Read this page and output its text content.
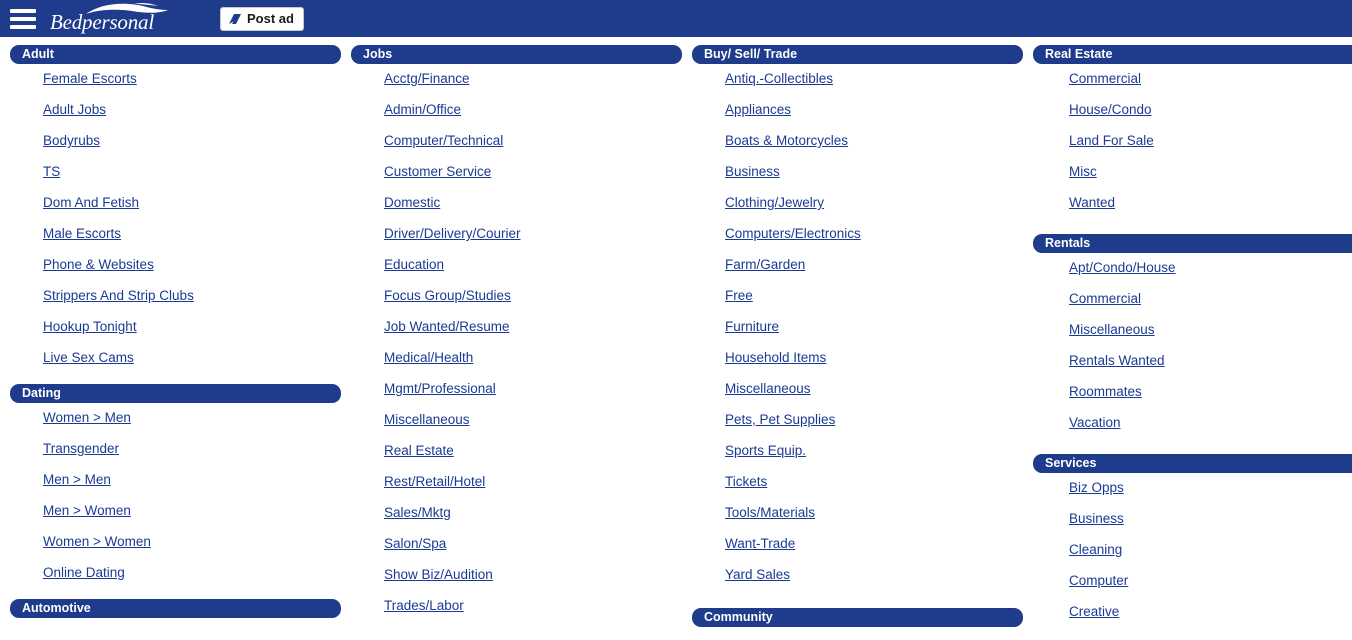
Bedpersonal	Post ad
Adult
Female Escorts
Adult Jobs
Bodyrubs
TS
Dom And Fetish
Male Escorts
Phone & Websites
Strippers And Strip Clubs
Hookup Tonight
Live Sex Cams
Dating
Women > Men
Transgender
Men > Men
Men > Women
Women > Women
Online Dating
Automotive
Jobs
Acctg/Finance
Admin/Office
Computer/Technical
Customer Service
Domestic
Driver/Delivery/Courier
Education
Focus Group/Studies
Job Wanted/Resume
Medical/Health
Mgmt/Professional
Miscellaneous
Real Estate
Rest/Retail/Hotel
Sales/Mktg
Salon/Spa
Show Biz/Audition
Trades/Labor
Buy/ Sell/ Trade
Antiq.-Collectibles
Appliances
Boats & Motorcycles
Business
Clothing/Jewelry
Computers/Electronics
Farm/Garden
Free
Furniture
Household Items
Miscellaneous
Pets, Pet Supplies
Sports Equip.
Tickets
Tools/Materials
Want-Trade
Yard Sales
Community
Real Estate
Commercial
House/Condo
Land For Sale
Misc
Wanted
Rentals
Apt/Condo/House
Commercial
Miscellaneous
Rentals Wanted
Roommates
Vacation
Services
Biz Opps
Business
Cleaning
Computer
Creative
